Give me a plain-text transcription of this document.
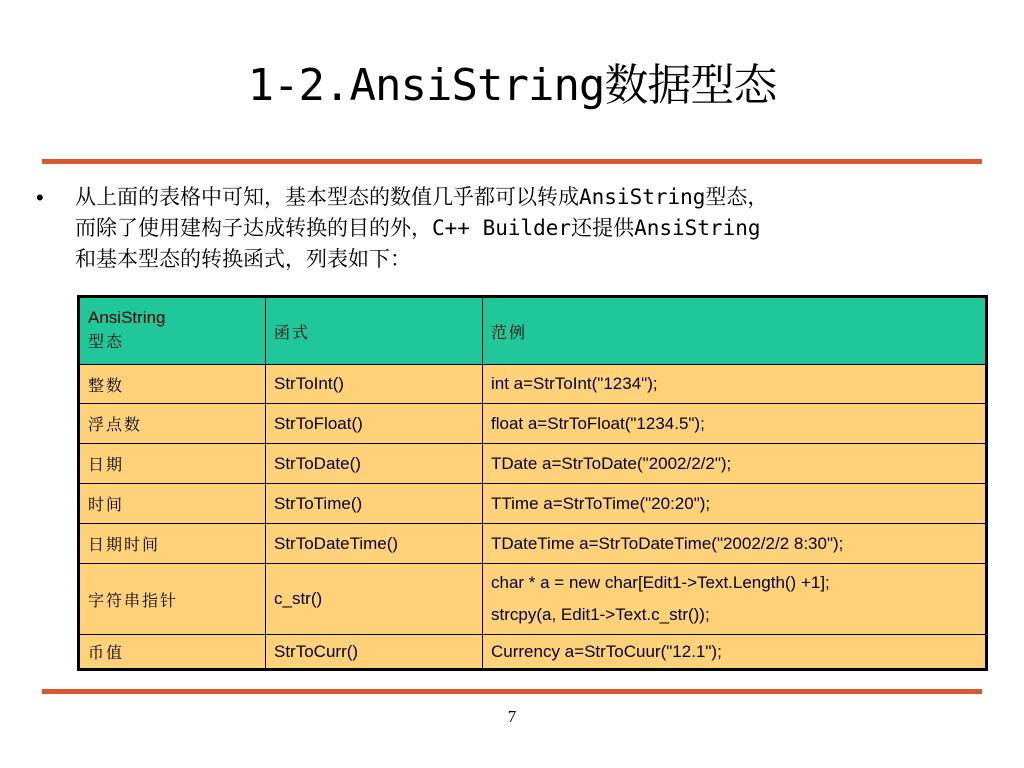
1-2.AnsiString数据型态
• 从上面的表格中可知，基本型态的数值几乎都可以转成AnsiString型态，
而除了使用建构子达成转换的目的外，C++ Builder还提供AnsiString
和基本型态的转换函式，列表如下：
AnsiString
型态	函式	范例
整数	StrToInt()	int a=StrToInt("1234");
浮点数	StrToFloat()	float a=StrToFloat("1234.5");
日期	StrToDate()	TDate a=StrToDate("2002/2/2");
时间	StrToTime()	TTime a=StrToTime("20:20");
日期时间	StrToDateTime()	TDateTime a=StrToDateTime("2002/2/2 8:30");
字符串指针	c_str()	char * a = new char[Edit1->Text.Length() +1];
strcpy(a, Edit1->Text.c_str());

币值	StrToCurr()	Currency a=StrToCuur("12.1");
7
